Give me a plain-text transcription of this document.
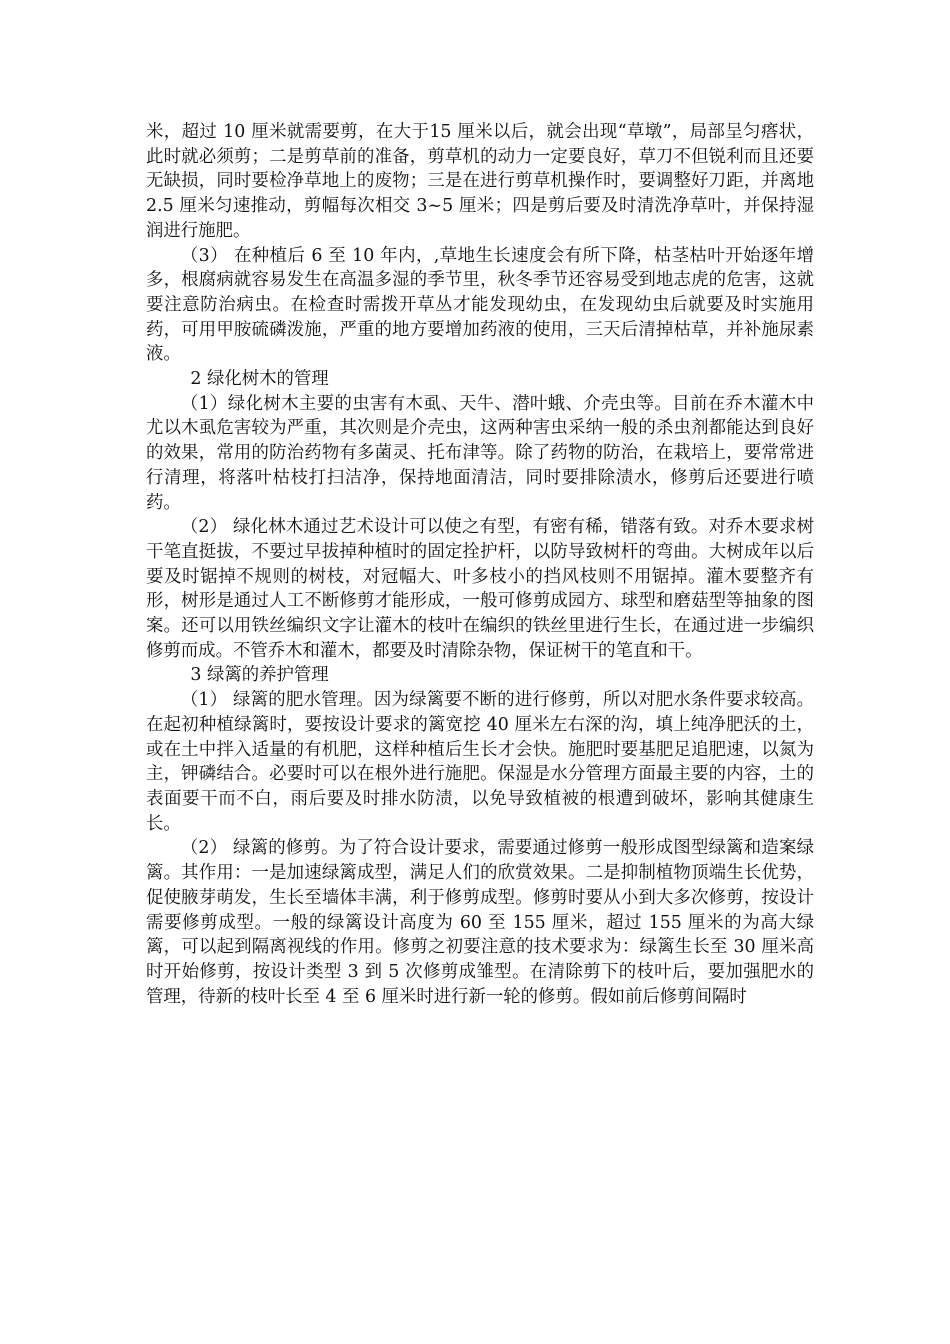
米，超过 10 厘米就需要剪，在大于15 厘米以后，就会出现“草墩”，局部呈匀瘩状，此时就必须剪；二是剪草前的准备，剪草机的动力一定要良好，草刀不但锐利而且还要无缺损，同时要检净草地上的废物；三是在进行剪草机操作时，要调整好刀距，并离地 2.5 厘米匀速推动，剪幅每次相交 3~5 厘米；四是剪后要及时清洗净草叶，并保持湿润进行施肥。

（3） 在种植后 6 至 10 年内，,草地生长速度会有所下降，枯茎枯叶开始逐年增多，根腐病就容易发生在高温多湿的季节里，秋冬季节还容易受到地志虎的危害，这就要注意防治病虫。在检查时需拨开草丛才能发现幼虫，在发现幼虫后就要及时实施用药，可用甲胺硫磷泼施，严重的地方要增加药液的使用，三天后清掉枯草，并补施尿素液。

2 绿化树木的管理

（1）绿化树木主要的虫害有木虱、天牛、潜叶蛾、介壳虫等。目前在乔木灌木中尤以木虱危害较为严重，其次则是介壳虫，这两种害虫采纳一般的杀虫剂都能达到良好的效果，常用的防治药物有多菌灵、托布津等。除了药物的防治，在栽培上，要常常进行清理，将落叶枯枝打扫洁净，保持地面清洁，同时要排除渍水，修剪后还要进行喷药。

（2） 绿化林木通过艺术设计可以使之有型，有密有稀，错落有致。对乔木要求树干笔直挺拔，不要过早拔掉种植时的固定拴护杆，以防导致树杆的弯曲。大树成年以后要及时锯掉不规则的树枝，对冠幅大、叶多枝小的挡风枝则不用锯掉。灌木要整齐有形，树形是通过人工不断修剪才能形成，一般可修剪成园方、球型和磨菇型等抽象的图案。还可以用铁丝编织文字让灌木的枝叶在编织的铁丝里进行生长，在通过进一步编织修剪而成。不管乔木和灌木，都要及时清除杂物，保证树干的笔直和干。

3 绿篱的养护管理

（1） 绿篱的肥水管理。因为绿篱要不断的进行修剪，所以对肥水条件要求较高。在起初种植绿篱时，要按设计要求的篱宽挖 40 厘米左右深的沟，填上纯净肥沃的土，或在土中拌入适量的有机肥，这样种植后生长才会快。施肥时要基肥足追肥速，以氮为主，钾磷结合。必要时可以在根外进行施肥。保湿是水分管理方面最主要的内容，土的表面要干而不白，雨后要及时排水防渍，以免导致植被的根遭到破坏，影响其健康生长。

（2） 绿篱的修剪。为了符合设计要求，需要通过修剪一般形成图型绿篱和造案绿篱。其作用：一是加速绿篱成型，满足人们的欣赏效果。二是抑制植物顶端生长优势，促使腋芽萌发，生长至墙体丰满，利于修剪成型。修剪时要从小到大多次修剪，按设计需要修剪成型。一般的绿篱设计高度为 60 至 155 厘米，超过 155 厘米的为高大绿篱，可以起到隔离视线的作用。修剪之初要注意的技术要求为：绿篱生长至 30 厘米高时开始修剪，按设计类型 3 到 5 次修剪成雏型。在清除剪下的枝叶后，要加强肥水的管理，待新的枝叶长至 4 至 6 厘米时进行新一轮的修剪。假如前后修剪间隔时
